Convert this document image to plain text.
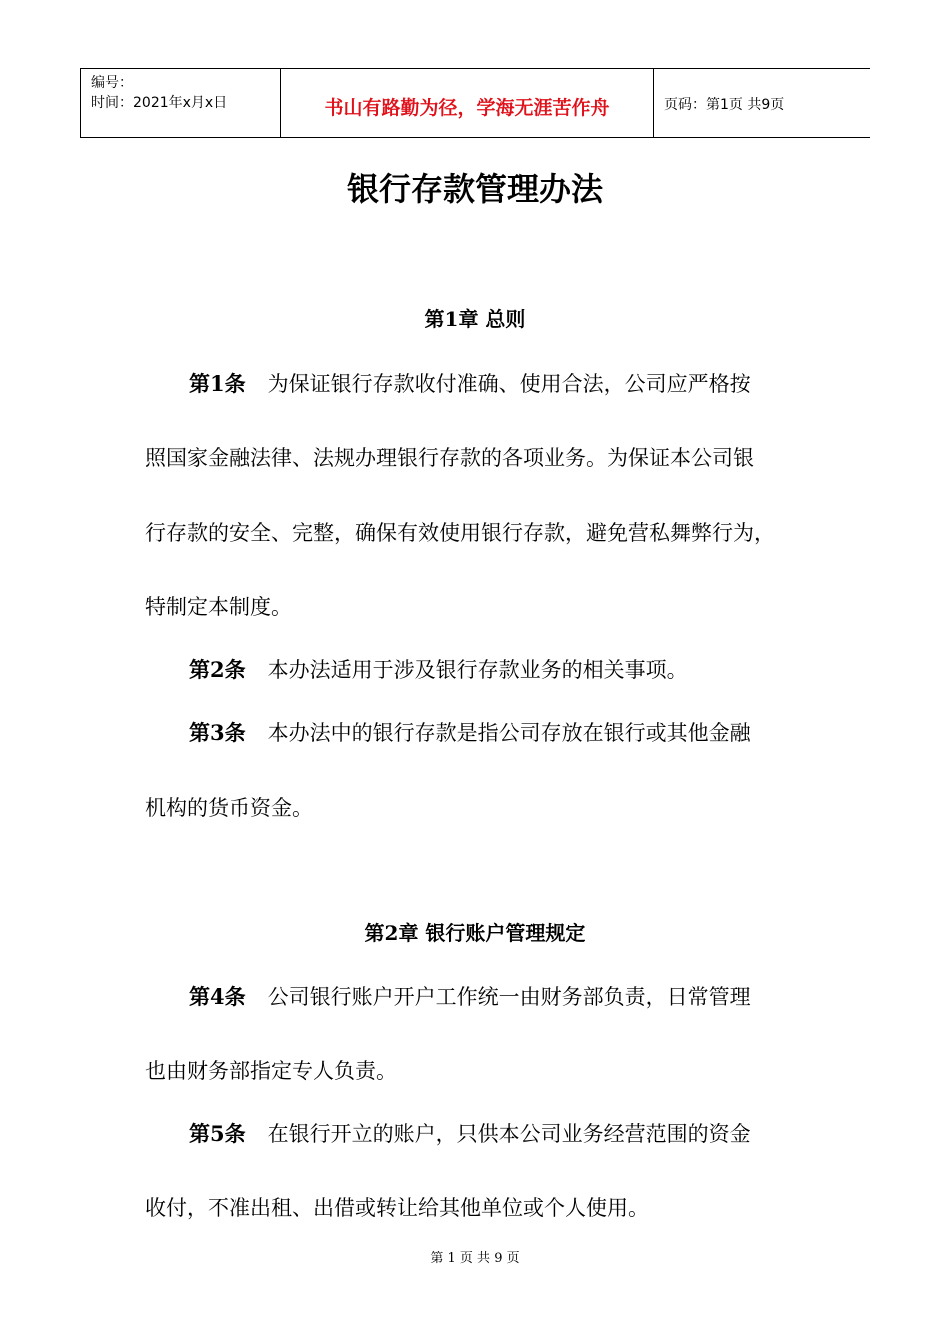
编号：
时间：2021年x月x日	书山有路勤为径，学海无涯苦作舟	页码：第1页 共9页
银行存款管理办法
第1章 总则
第1条 为保证银行存款收付准确、使用合法，公司应严格按
照国家金融法律、法规办理银行存款的各项业务。为保证本公司银
行存款的安全、完整，确保有效使用银行存款，避免营私舞弊行为，
特制定本制度。
第2条 本办法适用于涉及银行存款业务的相关事项。
第3条 本办法中的银行存款是指公司存放在银行或其他金融
机构的货币资金。
第2章 银行账户管理规定
第4条 公司银行账户开户工作统一由财务部负责，日常管理
也由财务部指定专人负责。
第5条 在银行开立的账户，只供本公司业务经营范围的资金
收付，不准出租、出借或转让给其他单位或个人使用。
第 1 页 共 9 页
